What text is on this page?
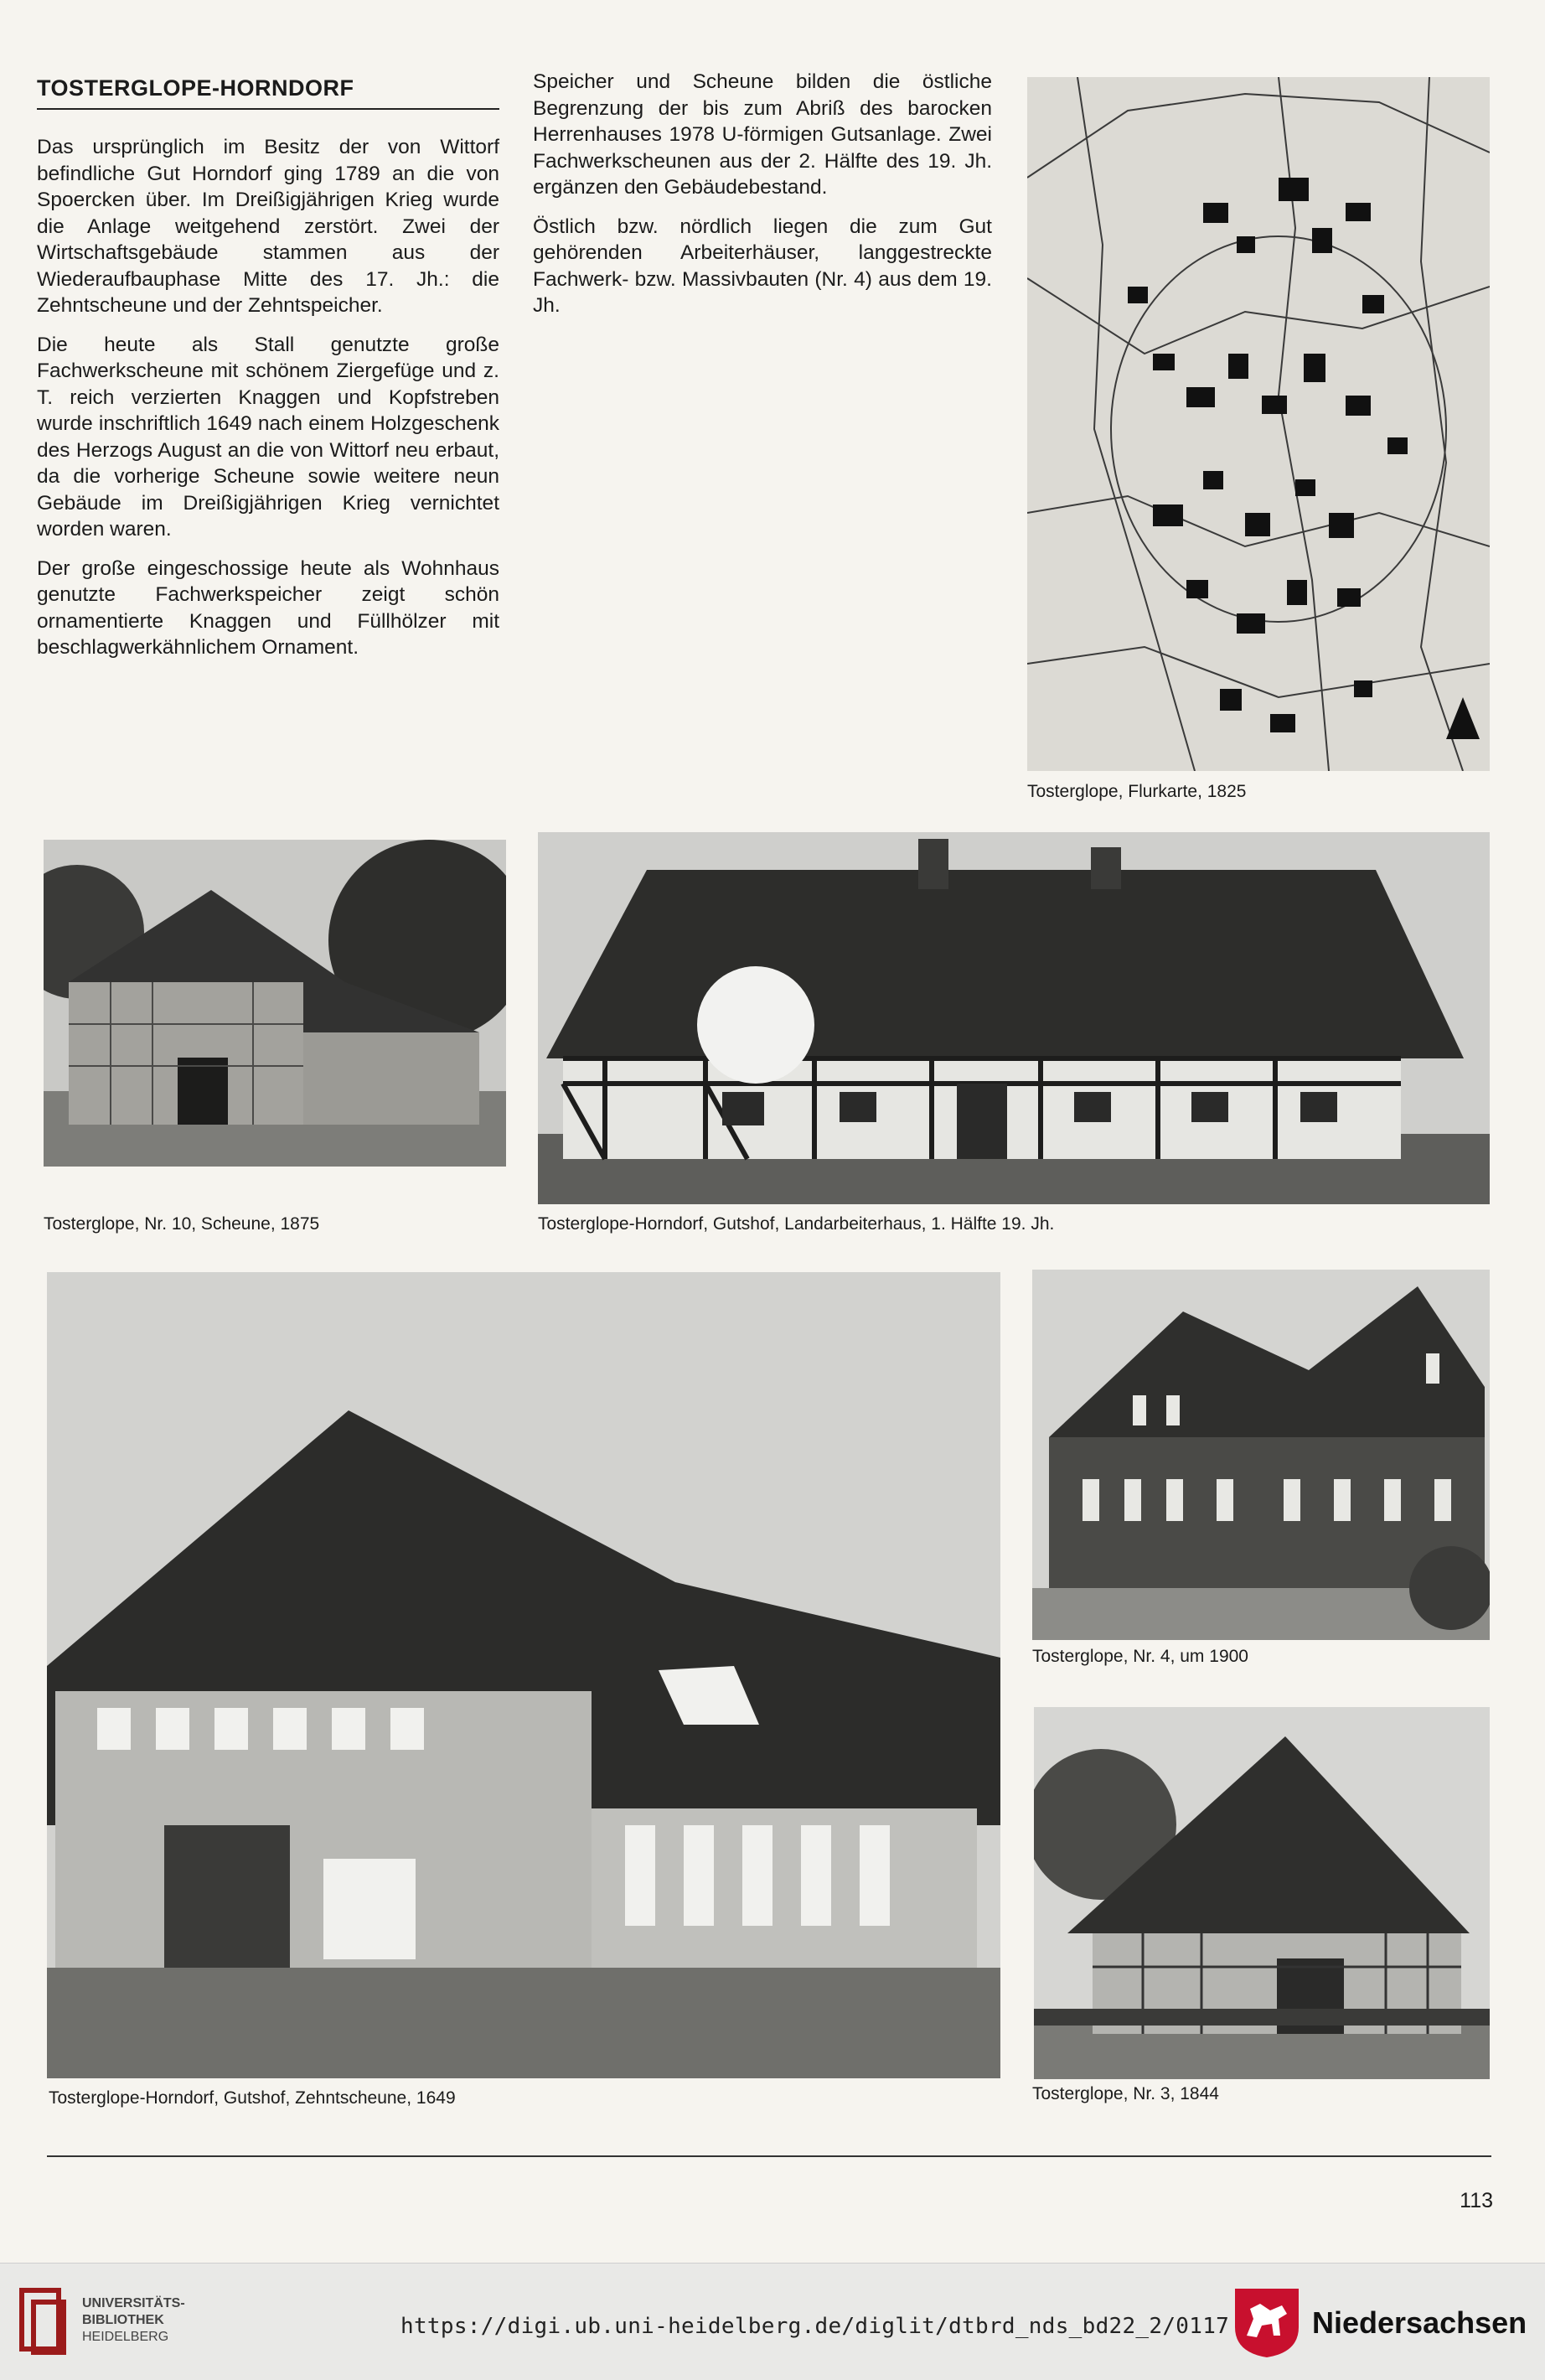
TOSTERGLOPE-HORNDORF

Das ursprünglich im Besitz der von Wittorf befindliche Gut Horndorf ging 1789 an die von Spoercken über. Im Dreißigjährigen Krieg wurde die Anlage weitgehend zerstört. Zwei der Wirtschaftsgebäude stammen aus der Wiederaufbauphase Mitte des 17. Jh.: die Zehntscheune und der Zehntspeicher.

Die heute als Stall genutzte große Fachwerkscheune mit schönem Ziergefüge und z. T. reich verzierten Knaggen und Kopfstreben wurde inschriftlich 1649 nach einem Holzgeschenk des Herzogs August an die von Wittorf neu erbaut, da die vorherige Scheune sowie weitere neun Gebäude im Dreißigjährigen Krieg vernichtet worden waren.

Der große eingeschossige heute als Wohnhaus genutzte Fachwerkspeicher zeigt schön ornamentierte Knaggen und Füllhölzer mit beschlagwerkähnlichem Ornament.

Speicher und Scheune bilden die östliche Begrenzung der bis zum Abriß des barocken Herrenhauses 1978 U-förmigen Gutsanlage. Zwei Fachwerkscheunen aus der 2. Hälfte des 19. Jh. ergänzen den Gebäudebestand.

Östlich bzw. nördlich liegen die zum Gut gehörenden Arbeiterhäuser, langgestreckte Fachwerk- bzw. Massivbauten (Nr. 4) aus dem 19. Jh.

Tosterglope, Flurkarte, 1825
Tosterglope, Nr. 10, Scheune, 1875	Tosterglope-Horndorf, Gutshof, Landarbeiterhaus, 1. Hälfte 19. Jh.
Tosterglope-Horndorf, Gutshof, Zehntscheune, 1649
Tosterglope, Nr. 4, um 1900
Tosterglope, Nr. 3, 1844
113
UNIVERSITÄTS-
BIBLIOTHEK
HEIDELBERG	https://digi.ub.uni-heidelberg.de/diglit/dtbrd_nds_bd22_2/0117	Niedersachsen
